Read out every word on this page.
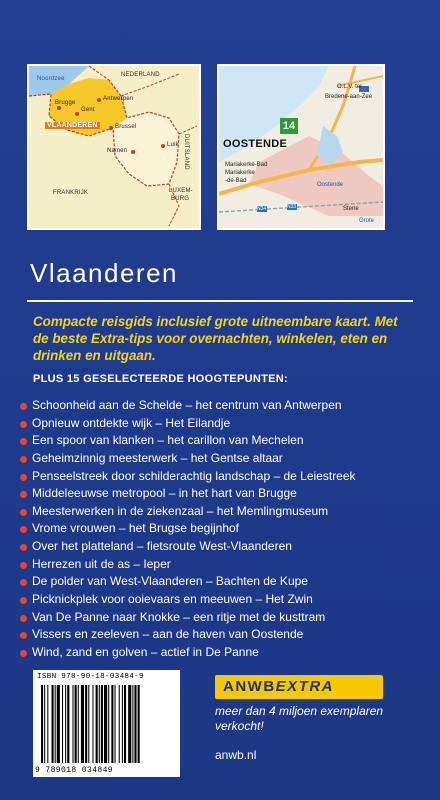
Noordzee
NEDERLAND
FRANKRIJK
DUITSLAND
LUXEM-
BURG
Brugge
Gent
Antwerpen
Brussel
Namen
Luik
VLAANDEREN	14
OOSTENDE
O.L.V. ter
Bredene-aan-Zee
Mariakerke-Bad
Mariakerke
-de-Bad
Oostende
Stene
Grote
N34	N33
Vlaanderen
Compacte reisgids inclusief grote uitneembare kaart. Met de beste Extra-tips voor overnachten, winkelen, eten en drinken en uitgaan.
PLUS 15 GESELECTEERDE HOOGTEPUNTEN:
Schoonheid aan de Schelde – het centrum van Antwerpen
Opnieuw ontdekte wijk – Het Eilandje
Een spoor van klanken – het carillon van Mechelen
Geheimzinnig meesterwerk – het Gentse altaar
Penseelstreek door schilderachtig landschap – de Leiestreek
Middeleeuwse metropool – in het hart van Brugge
Meesterwerken in de ziekenzaal – het Memlingmuseum
Vrome vrouwen – het Brugse begijnhof
Over het platteland – fietsroute West-Vlaanderen
Herrezen uit de as – Ieper
De polder van West-Vlaanderen – Bachten de Kupe
Picknickplek voor ooievaars en meeuwen – Het Zwin
Van De Panne naar Knokke – een ritje met de kusttram
Vissers en zeeleven – aan de haven van Oostende
Wind, zand en golven – actief in De Panne
ISBN 978-90-18-03484-9
9 789018 034849
ANWBEXTRA
meer dan 4 miljoen exemplaren verkocht!
anwb.nl
